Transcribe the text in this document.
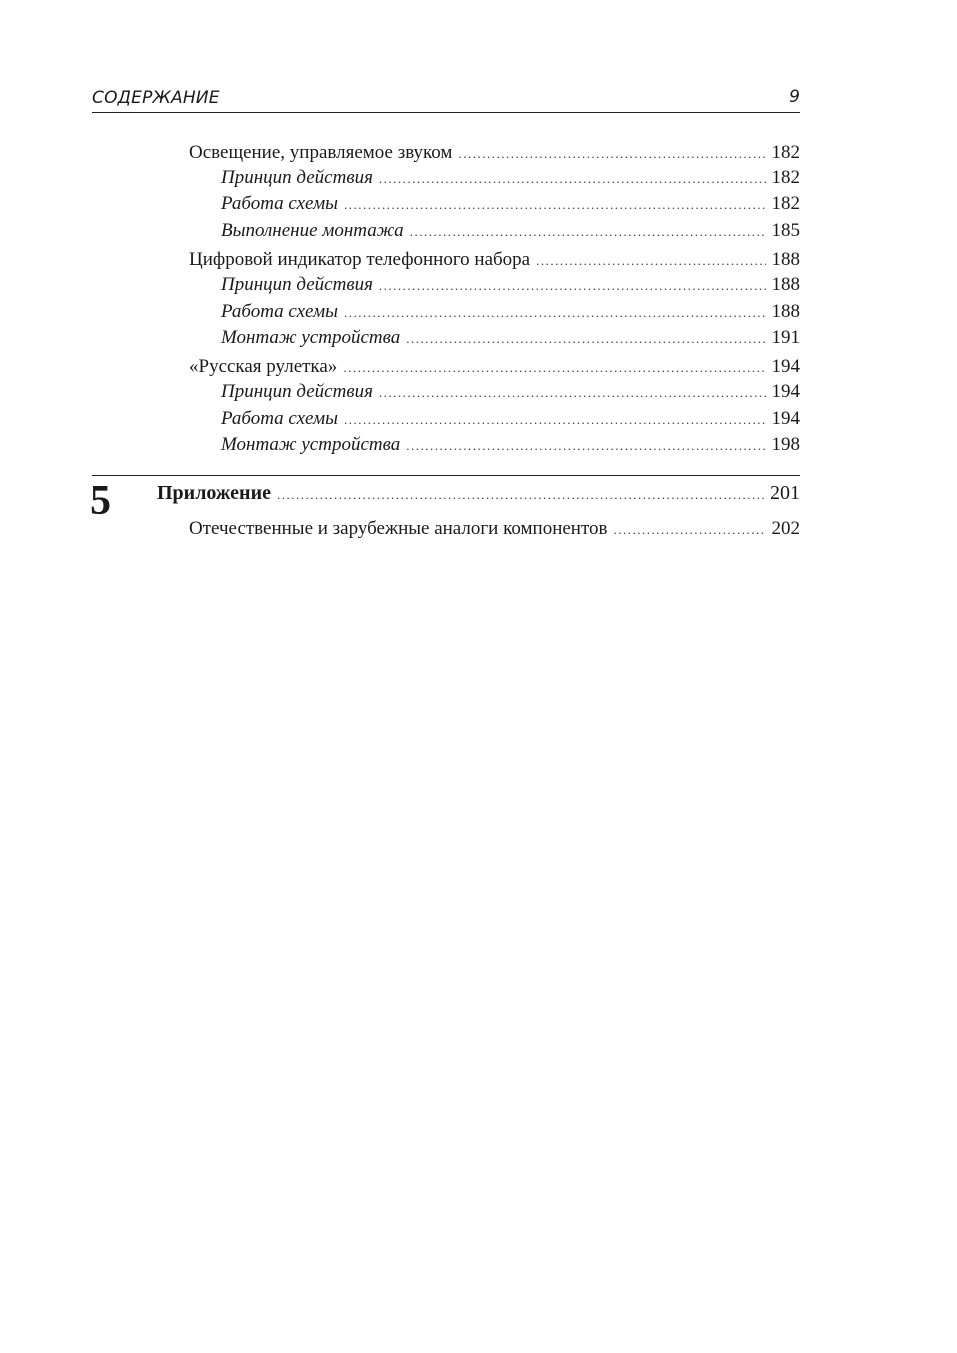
СОДЕРЖАНИЕ	9
Освещение, управляемое звуком .....	182
Принцип действия .....	182
Работа схемы .....	182
Выполнение монтажа .....	185
Цифровой индикатор телефонного набора .....	188
Принцип действия .....	188
Работа схемы .....	188
Монтаж устройства .....	191
«Русская рулетка» .....	194
Принцип действия .....	194
Работа схемы .....	194
Монтаж устройства .....	198
5 Приложение .....	201
Отечественные и зарубежные аналоги компонентов .....	202
